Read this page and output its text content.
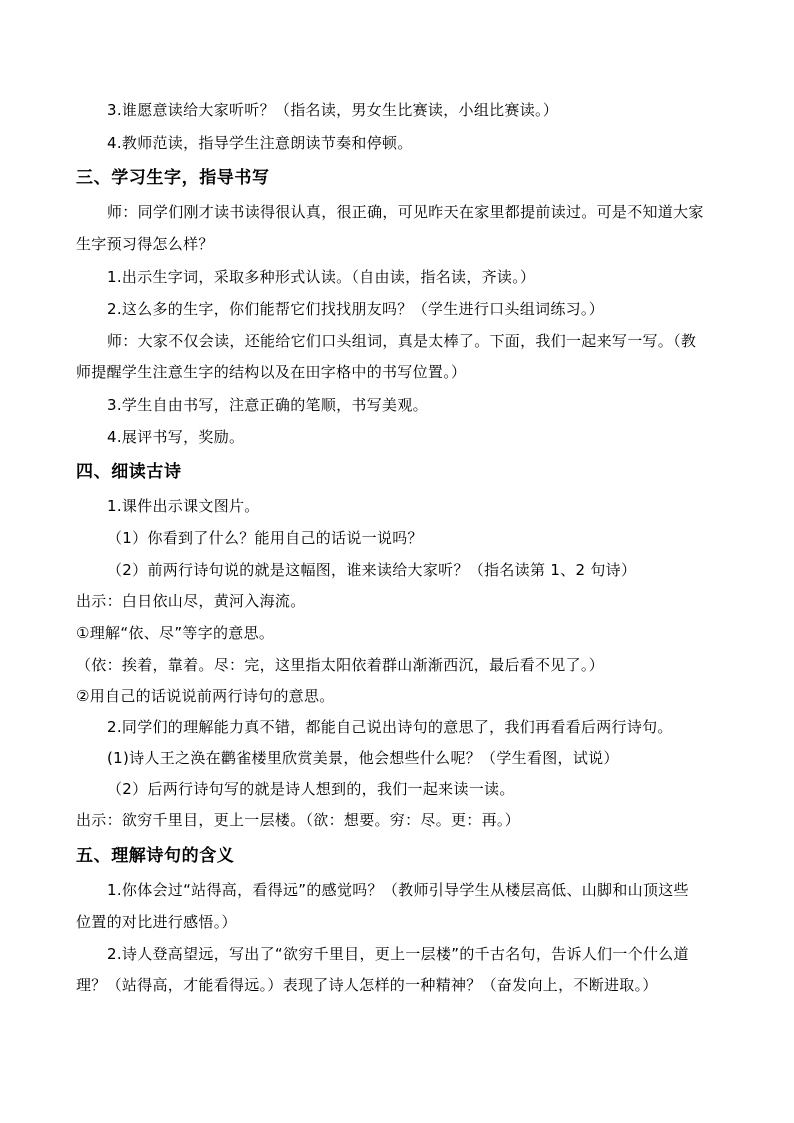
3.谁愿意读给大家听听？（指名读，男女生比赛读，小组比赛读。）
4.教师范读，指导学生注意朗读节奏和停顿。
三、学习生字，指导书写
师：同学们刚才读书读得很认真，很正确，可见昨天在家里都提前读过。可是不知道大家
生字预习得怎么样？
1.出示生字词，采取多种形式认读。（自由读，指名读，齐读。）
2.这么多的生字，你们能帮它们找找朋友吗？（学生进行口头组词练习。）
师：大家不仅会读，还能给它们口头组词，真是太棒了。下面，我们一起来写一写。（教
师提醒学生注意生字的结构以及在田字格中的书写位置。）
3.学生自由书写，注意正确的笔顺，书写美观。
4.展评书写，奖励。
四、细读古诗
1.课件出示课文图片。
（1）你看到了什么？能用自己的话说一说吗？
（2）前两行诗句说的就是这幅图，谁来读给大家听？（指名读第 1、2 句诗）
出示：白日依山尽，黄河入海流。
①理解“依、尽”等字的意思。
（依：挨着，靠着。尽：完，这里指太阳依着群山渐渐西沉，最后看不见了。）
②用自己的话说说前两行诗句的意思。
2.同学们的理解能力真不错，都能自己说出诗句的意思了，我们再看看后两行诗句。
(1)诗人王之涣在鹳雀楼里欣赏美景，他会想些什么呢？（学生看图，试说）
（2）后两行诗句写的就是诗人想到的，我们一起来读一读。
出示：欲穷千里目，更上一层楼。（欲：想要。穷：尽。更：再。）
五、理解诗句的含义
1.你体会过“站得高，看得远”的感觉吗？（教师引导学生从楼层高低、山脚和山顶这些
位置的对比进行感悟。）
2.诗人登高望远，写出了“欲穷千里目，更上一层楼”的千古名句，告诉人们一个什么道
理？（站得高，才能看得远。）表现了诗人怎样的一种精神？（奋发向上，不断进取。）
